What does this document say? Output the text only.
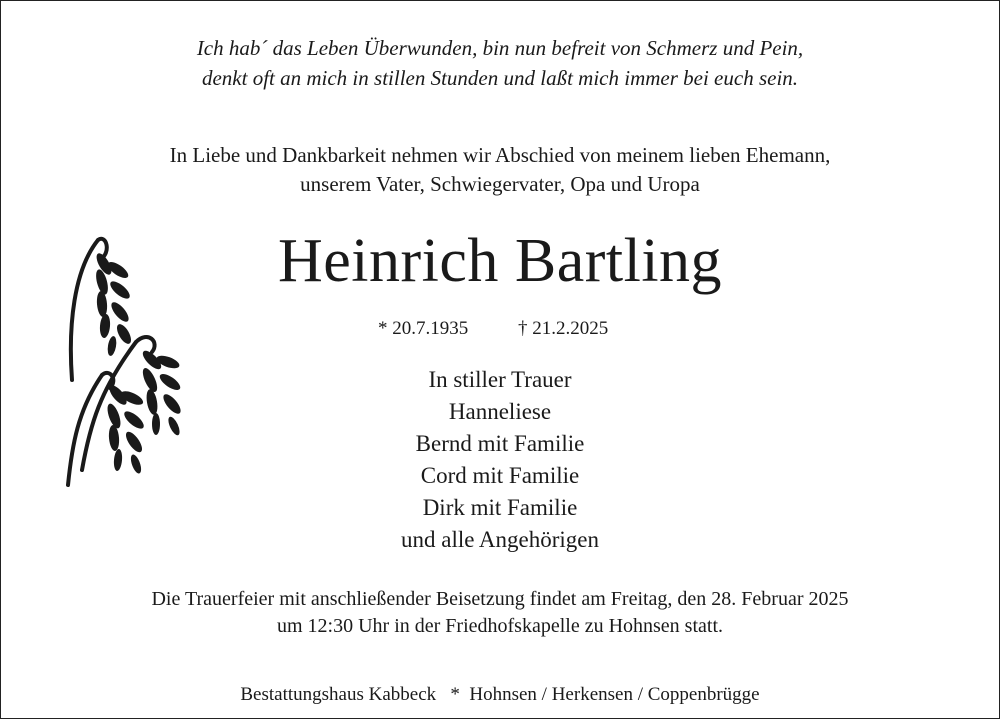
Ich hab´ das Leben Überwunden, bin nun befreit von Schmerz und Pein,
denkt oft an mich in stillen Stunden und laßt mich immer bei euch sein.
In Liebe und Dankbarkeit nehmen wir Abschied von meinem lieben Ehemann,
unserem Vater, Schwiegervater, Opa und Uropa
Heinrich Bartling
* 20.7.1935	† 21.2.2025
In stiller Trauer
Hanneliese
Bernd mit Familie
Cord mit Familie
Dirk mit Familie
und alle Angehörigen
Die Trauerfeier mit anschließender Beisetzung findet am Freitag, den 28. Februar 2025
um 12:30 Uhr in der Friedhofskapelle zu Hohnsen statt.
Bestattungshaus Kabbeck   *  Hohnsen / Herkensen / Coppenbrügge
